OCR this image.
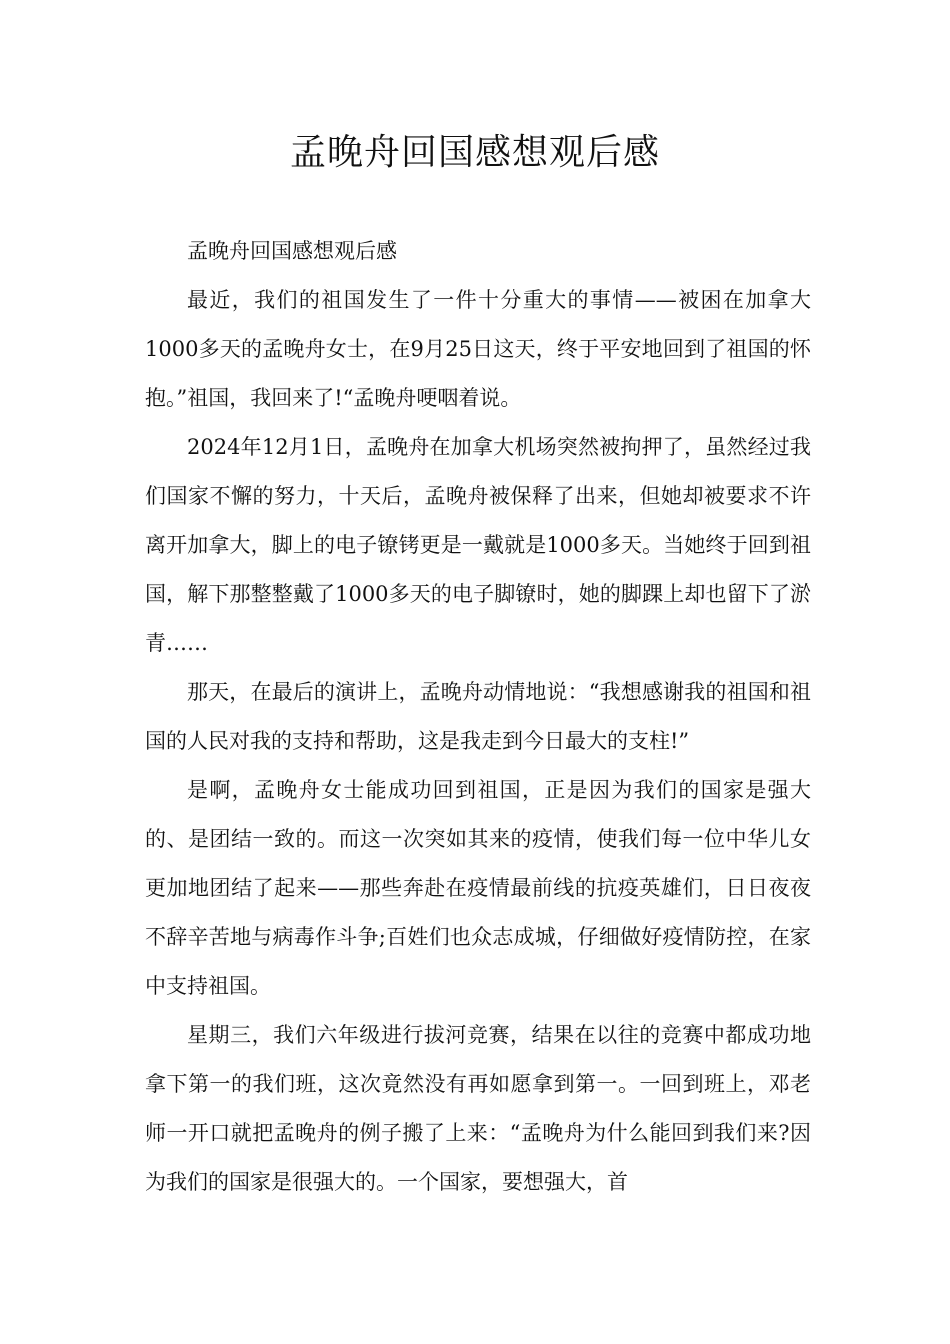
孟晚舟回国感想观后感

孟晚舟回国感想观后感

最近，我们的祖国发生了一件十分重大的事情——被困在加拿大1000多天的孟晚舟女士，在9月25日这天，终于平安地回到了祖国的怀抱。”祖国，我回来了!“孟晚舟哽咽着说。

2024年12月1日，孟晚舟在加拿大机场突然被拘押了，虽然经过我们国家不懈的努力，十天后，孟晚舟被保释了出来，但她却被要求不许离开加拿大，脚上的电子镣铐更是一戴就是1000多天。当她终于回到祖国，解下那整整戴了1000多天的电子脚镣时，她的脚踝上却也留下了淤青……

那天，在最后的演讲上，孟晚舟动情地说：“我想感谢我的祖国和祖国的人民对我的支持和帮助，这是我走到今日最大的支柱!”

是啊，孟晚舟女士能成功回到祖国，正是因为我们的国家是强大的、是团结一致的。而这一次突如其来的疫情，使我们每一位中华儿女更加地团结了起来——那些奔赴在疫情最前线的抗疫英雄们，日日夜夜不辞辛苦地与病毒作斗争;百姓们也众志成城，仔细做好疫情防控，在家中支持祖国。

星期三，我们六年级进行拔河竞赛，结果在以往的竞赛中都成功地拿下第一的我们班，这次竟然没有再如愿拿到第一。一回到班上，邓老师一开口就把孟晚舟的例子搬了上来：“孟晚舟为什么能回到我们来?因为我们的国家是很强大的。一个国家，要想强大，首
